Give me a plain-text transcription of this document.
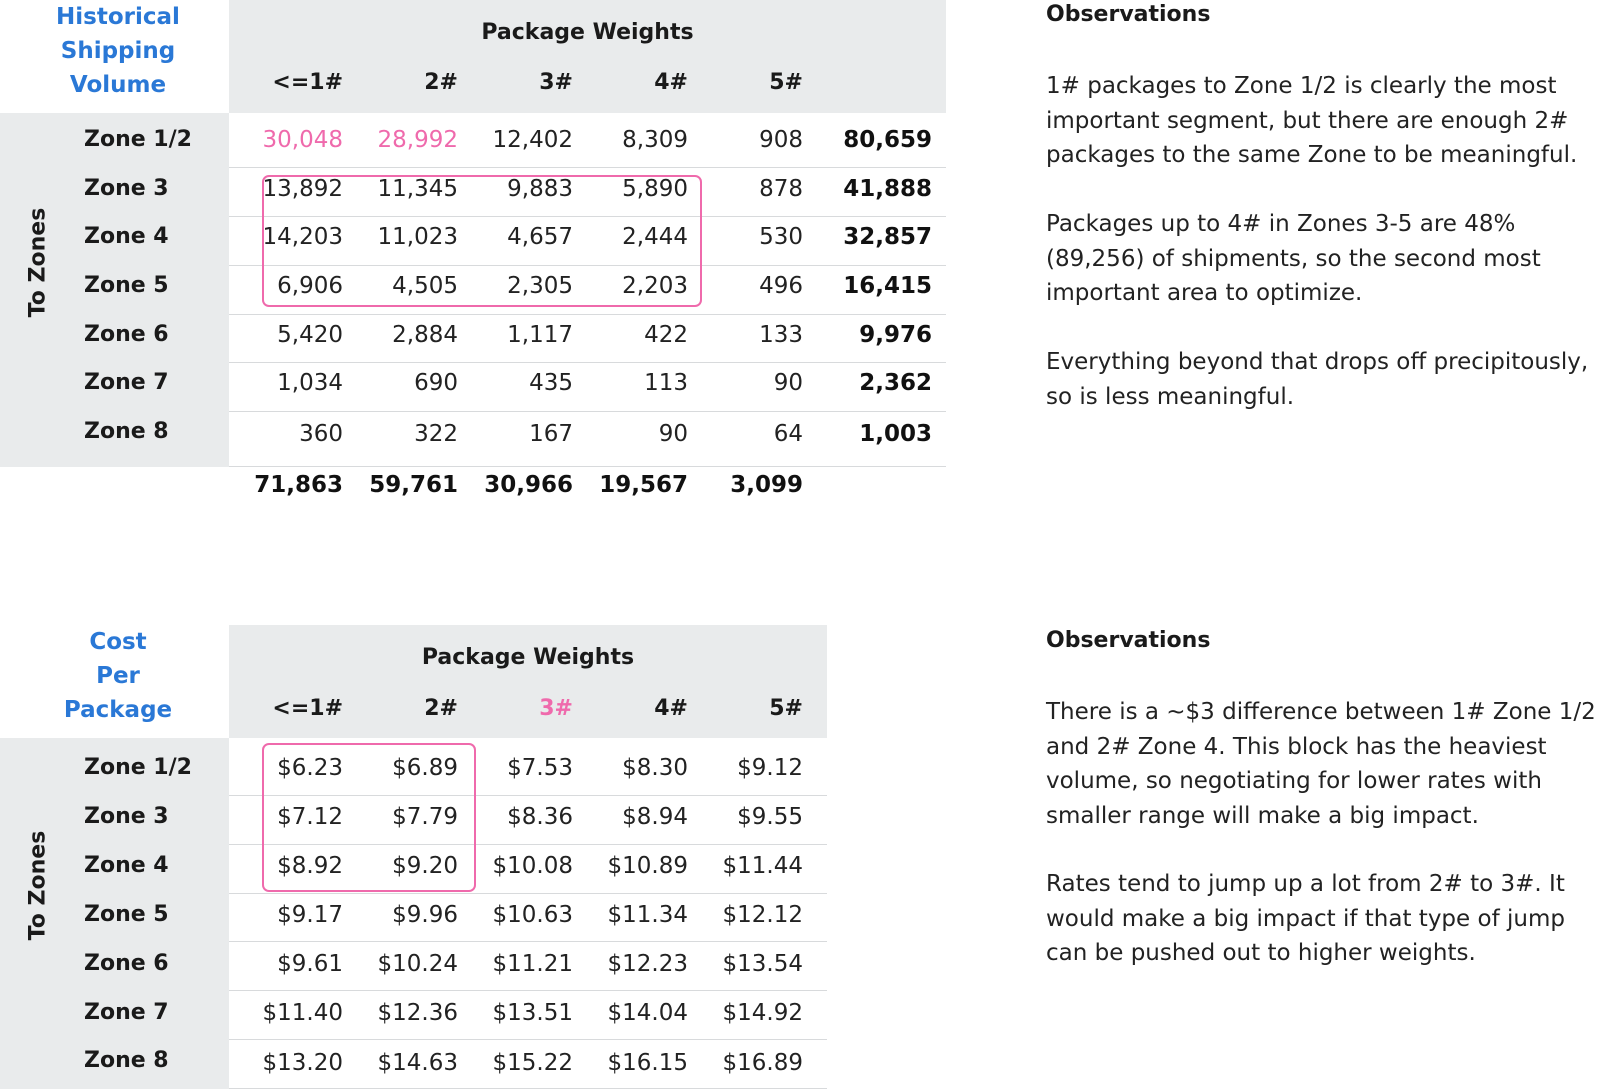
Historical
Shipping
Volume
Package Weights
<=1#	2#	3#	4#	5#
To Zones
Zone 1/2	30,048	28,992	12,402	8,309	908	80,659
Zone 3	13,892	11,345	9,883	5,890	878	41,888
Zone 4	14,203	11,023	4,657	2,444	530	32,857
Zone 5	6,906	4,505	2,305	2,203	496	16,415
Zone 6	5,420	2,884	1,117	422	133	9,976
Zone 7	1,034	690	435	113	90	2,362
Zone 8	360	322	167	90	64	1,003
71,863	59,761	30,966	19,567	3,099
Cost
Per
Package
Package Weights
<=1#	2#	3#	4#	5#
To Zones
Zone 1/2	$6.23	$6.89	$7.53	$8.30	$9.12
Zone 3	$7.12	$7.79	$8.36	$8.94	$9.55
Zone 4	$8.92	$9.20	$10.08	$10.89	$11.44
Zone 5	$9.17	$9.96	$10.63	$11.34	$12.12
Zone 6	$9.61	$10.24	$11.21	$12.23	$13.54
Zone 7	$11.40	$12.36	$13.51	$14.04	$14.92
Zone 8	$13.20	$14.63	$15.22	$16.15	$16.89
Observations
1# packages to Zone 1/2 is clearly the most important segment, but there are enough 2# packages to the same Zone to be meaningful.
Packages up to 4# in Zones 3-5 are 48% (89,256) of shipments, so the second most important area to optimize.
Everything beyond that drops off precipitously, so is less meaningful.
Observations
There is a ~$3 difference between 1# Zone 1/2 and 2# Zone 4. This block has the heaviest volume, so negotiating for lower rates with smaller range will make a big impact.
Rates tend to jump up a lot from 2# to 3#. It would make a big impact if that type of jump can be pushed out to higher weights.
